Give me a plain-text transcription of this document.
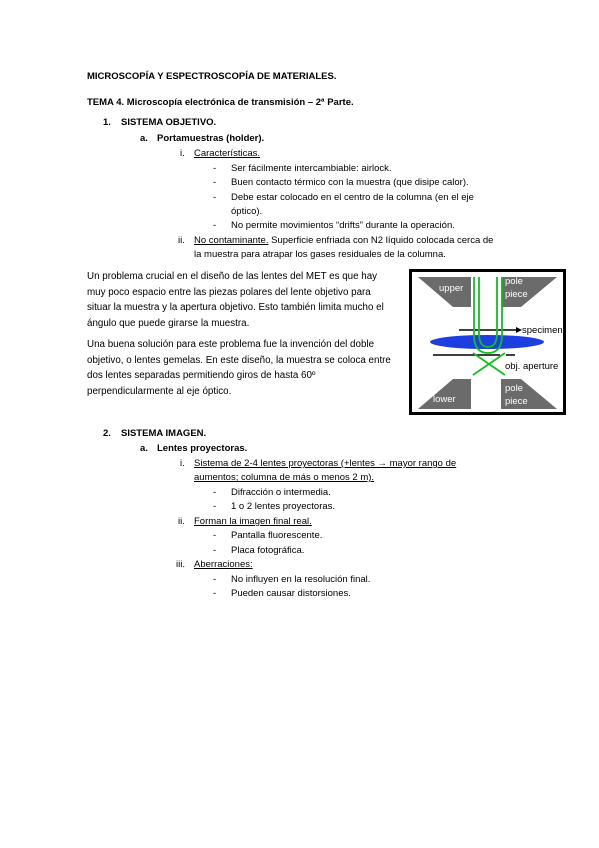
MICROSCOPÍA Y ESPECTROSCOPÍA DE MATERIALES.
TEMA 4. Microscopía electrónica de transmisión – 2ª Parte.
1. SISTEMA OBJETIVO.
a. Portamuestras (holder).
i. Características.
- Ser fácilmente intercambiable: airlock.
- Buen contacto térmico con la muestra (que disipe calor).
- Debe estar colocado en el centro de la columna (en el eje
óptico).
- No permite movimientos “drifts” durante la operación.
ii. No contaminante. Superficie enfriada con N2 líquido colocada cerca de
la muestra para atrapar los gases residuales de la columna.
Un problema crucial en el diseño de las lentes del MET es que hay
muy poco espacio entre las piezas polares del lente objetivo para
situar la muestra y la apertura objetivo. Esto también limita mucho el
ángulo que puede girarse la muestra.
Una buena solución para este problema fue la invención del doble
objetivo, o lentes gemelas. En este diseño, la muestra se coloca entre
dos lentes separadas permitiendo giros de hasta 60º
perpendicularmente al eje óptico.
upper
pole
piece
specimen
obj. aperture
lower
pole
piece
2. SISTEMA IMAGEN.
a. Lentes proyectoras.
i. Sistema de 2-4 lentes proyectoras (+lentes → mayor rango de
aumentos; columna de más o menos 2 m).
- Difracción o intermedia.
- 1 o 2 lentes proyectoras.
ii. Forman la imagen final real.
- Pantalla fluorescente.
- Placa fotográfica.
iii. Aberraciones:
- No influyen en la resolución final.
- Pueden causar distorsiones.
